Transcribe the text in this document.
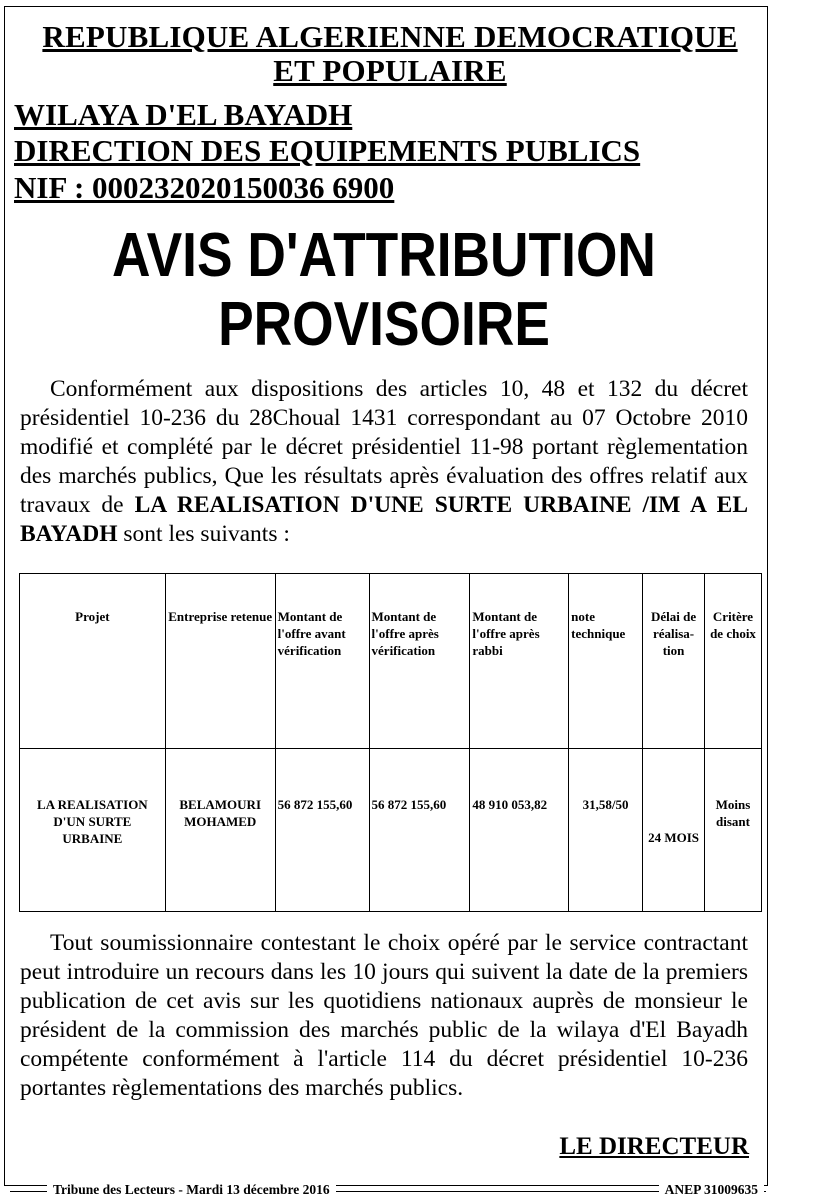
REPUBLIQUE ALGERIENNE DEMOCRATIQUE
ET POPULAIRE
WILAYA D'EL BAYADH
DIRECTION DES EQUIPEMENTS PUBLICS
NIF : 000232020150036 6900
AVIS D'ATTRIBUTION
PROVISOIRE
Conformément aux dispositions des articles 10, 48 et 132 du décret présidentiel 10-236 du 28Choual 1431 correspondant au 07 Octobre 2010 modifié et complété par le décret présidentiel 11-98 portant règlementation des marchés publics, Que les résultats après évaluation des offres relatif aux travaux de LA REALISATION D'UNE SURTE URBAINE /IM A EL BAYADH sont les suivants :
Projet	Entreprise retenue	Montant de l'offre avant vérification	Montant de l'offre après vérification	Montant de l'offre après rabbi	note technique	Délai de réalisa-tion	Critère de choix
LA REALISATION D'UN SURTE URBAINE	BELAMOURI MOHAMED	56 872 155,60	56 872 155,60	48 910 053,82	31,58/50	24 MOIS	Moins disant
Tout soumissionnaire contestant le choix opéré par le service contractant peut introduire un recours dans les 10 jours qui suivent la date de la premiers publication de cet avis sur les quotidiens nationaux auprès de monsieur le président de la commission des marchés public de la wilaya d'El Bayadh compétente conformément à l'article 114 du décret présidentiel 10-236 portantes règlementations des marchés publics.
LE DIRECTEUR
Tribune des Lecteurs - Mardi 13 décembre 2016	ANEP 31009635
